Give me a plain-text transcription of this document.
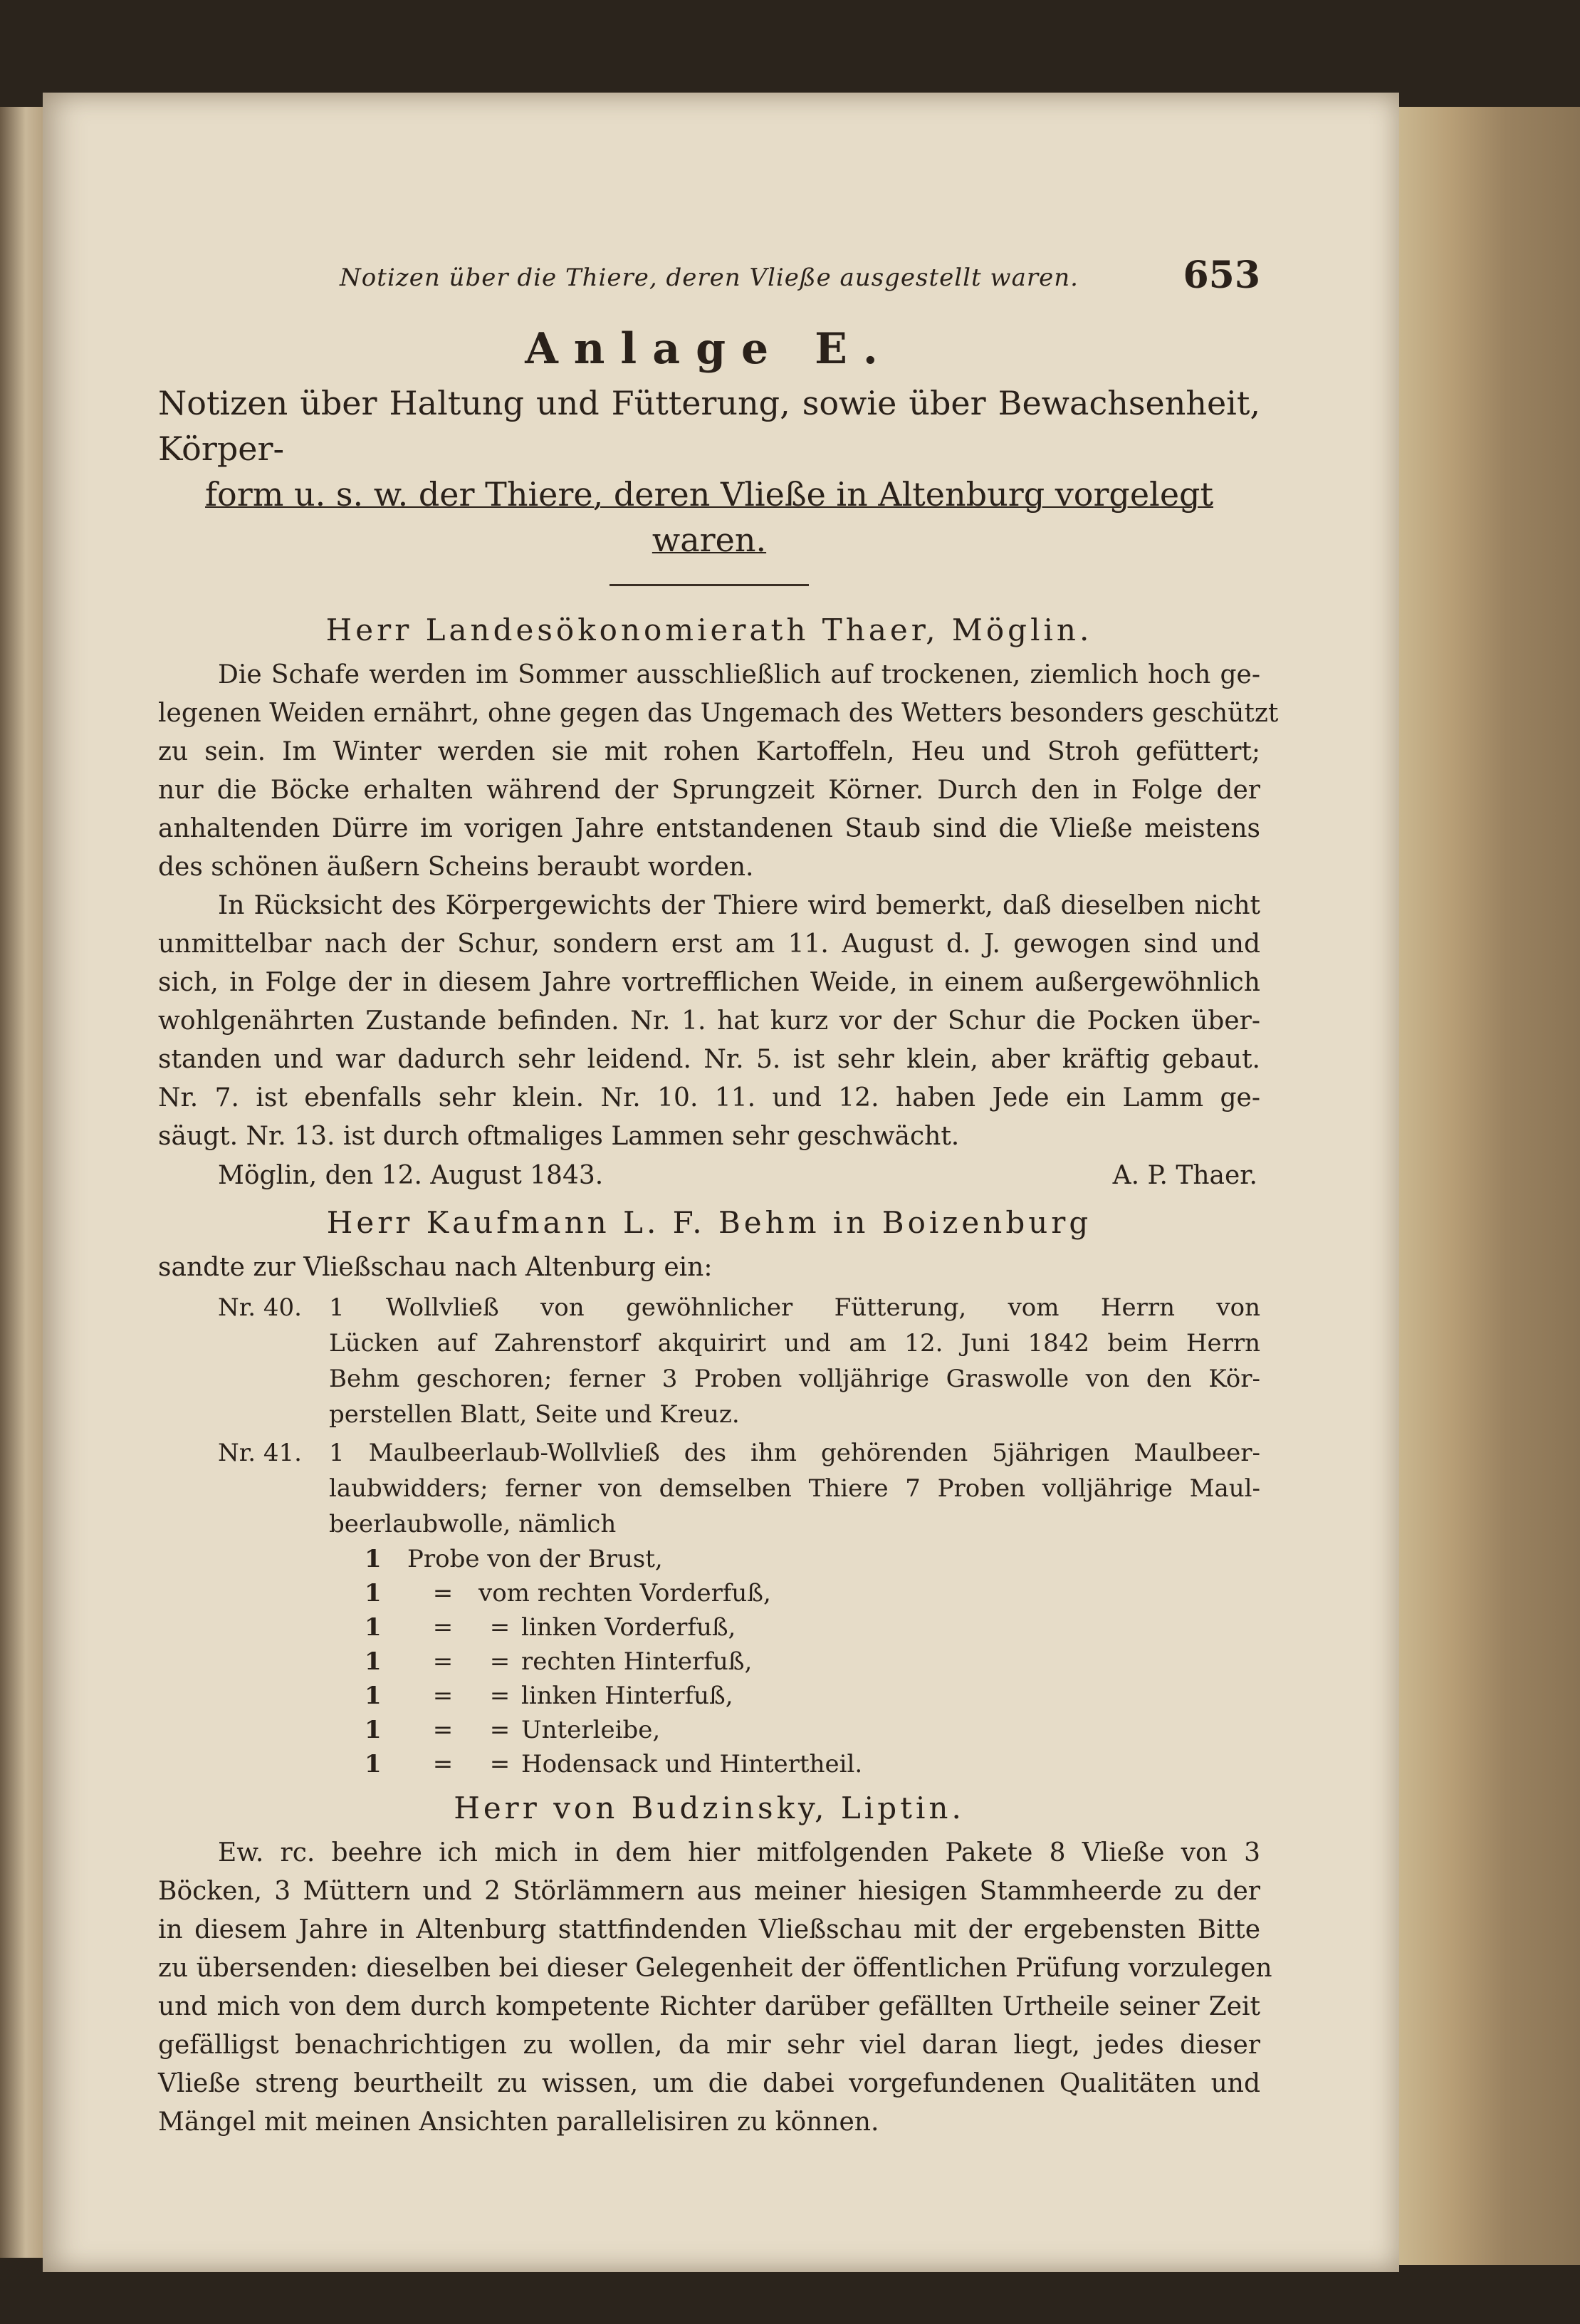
Notizen über die Thiere, deren Vließe ausgestellt waren.	653
Anlage E.
Notizen über Haltung und Fütterung, sowie über Bewachsenheit, Körper-
form u. s. w. der Thiere, deren Vließe in Altenburg vorgelegt waren.
Herr Landesökonomierath Thaer, Möglin.
Die Schafe werden im Sommer ausschließlich auf trockenen, ziemlich hoch ge-
legenen Weiden ernährt, ohne gegen das Ungemach des Wetters besonders geschützt
zu sein. Im Winter werden sie mit rohen Kartoffeln, Heu und Stroh gefüttert;
nur die Böcke erhalten während der Sprungzeit Körner. Durch den in Folge der
anhaltenden Dürre im vorigen Jahre entstandenen Staub sind die Vließe meistens
des schönen äußern Scheins beraubt worden.
In Rücksicht des Körpergewichts der Thiere wird bemerkt, daß dieselben nicht
unmittelbar nach der Schur, sondern erst am 11. August d. J. gewogen sind und
sich, in Folge der in diesem Jahre vortrefflichen Weide, in einem außergewöhnlich
wohlgenährten Zustande befinden. Nr. 1. hat kurz vor der Schur die Pocken über-
standen und war dadurch sehr leidend. Nr. 5. ist sehr klein, aber kräftig gebaut.
Nr. 7. ist ebenfalls sehr klein. Nr. 10. 11. und 12. haben Jede ein Lamm ge-
säugt. Nr. 13. ist durch oftmaliges Lammen sehr geschwächt.
Möglin, den 12. August 1843.	A. P. Thaer.
Herr Kaufmann L. F. Behm in Boizenburg
sandte zur Vließschau nach Altenburg ein:
Nr. 40.	1 Wollvließ von gewöhnlicher Fütterung, vom Herrn von
Lücken auf Zahrenstorf akquirirt und am 12. Juni 1842 beim Herrn
Behm geschoren; ferner 3 Proben volljährige Graswolle von den Kör-
perstellen Blatt, Seite und Kreuz.
Nr. 41.	1 Maulbeerlaub-Wollvließ des ihm gehörenden 5jährigen Maulbeer-
laubwidders; ferner von demselben Thiere 7 Proben volljährige Maul-
beerlaubwolle, nämlich
1	Probe von der Brust,
1	=	vom rechten Vorderfuß,
1	=	= linken Vorderfuß,
1	=	= rechten Hinterfuß,
1	=	= linken Hinterfuß,
1	=	= Unterleibe,
1	=	= Hodensack und Hintertheil.
Herr von Budzinsky, Liptin.
Ew. rc. beehre ich mich in dem hier mitfolgenden Pakete 8 Vließe von 3
Böcken, 3 Müttern und 2 Störlämmern aus meiner hiesigen Stammheerde zu der
in diesem Jahre in Altenburg stattfindenden Vließschau mit der ergebensten Bitte
zu übersenden: dieselben bei dieser Gelegenheit der öffentlichen Prüfung vorzulegen
und mich von dem durch kompetente Richter darüber gefällten Urtheile seiner Zeit
gefälligst benachrichtigen zu wollen, da mir sehr viel daran liegt, jedes dieser
Vließe streng beurtheilt zu wissen, um die dabei vorgefundenen Qualitäten und
Mängel mit meinen Ansichten parallelisiren zu können.
